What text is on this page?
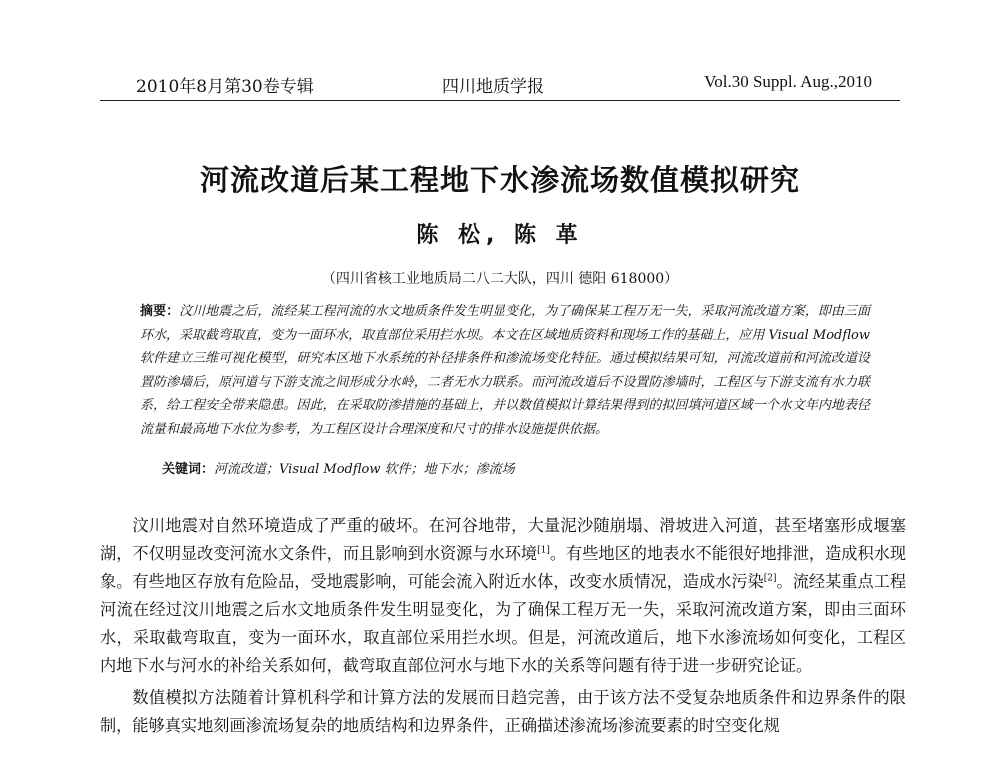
2010年8月第30卷专辑	四川地质学报	Vol.30 Suppl. Aug.,2010
河流改道后某工程地下水渗流场数值模拟研究
陈 松, 陈 革
（四川省核工业地质局二八二大队，四川 德阳 618000）
摘要：汶川地震之后，流经某工程河流的水文地质条件发生明显变化，为了确保某工程万无一失，采取河流改道方案，即由三面环水，采取截弯取直，变为一面环水，取直部位采用拦水坝。本文在区域地质资料和现场工作的基础上，应用 Visual Modflow 软件建立三维可视化模型，研究本区地下水系统的补径排条件和渗流场变化特征。通过模拟结果可知，河流改道前和河流改道设置防渗墙后，原河道与下游支流之间形成分水岭，二者无水力联系。而河流改道后不设置防渗墙时，工程区与下游支流有水力联系，给工程安全带来隐患。因此，在采取防渗措施的基础上，并以数值模拟计算结果得到的拟回填河道区域一个水文年内地表径流量和最高地下水位为参考，为工程区设计合理深度和尺寸的排水设施提供依据。
关键词：河流改道；Visual Modflow 软件；地下水；渗流场

汶川地震对自然环境造成了严重的破坏。在河谷地带，大量泥沙随崩塌、滑坡进入河道，甚至堵塞形成堰塞湖，不仅明显改变河流水文条件，而且影响到水资源与水环境[1]。有些地区的地表水不能很好地排泄，造成积水现象。有些地区存放有危险品，受地震影响，可能会流入附近水体，改变水质情况，造成水污染[2]。流经某重点工程河流在经过汶川地震之后水文地质条件发生明显变化，为了确保工程万无一失，采取河流改道方案，即由三面环水，采取截弯取直，变为一面环水，取直部位采用拦水坝。但是，河流改道后，地下水渗流场如何变化，工程区内地下水与河水的补给关系如何，截弯取直部位河水与地下水的关系等问题有待于进一步研究论证。

数值模拟方法随着计算机科学和计算方法的发展而日趋完善，由于该方法不受复杂地质条件和边界条件的限制，能够真实地刻画渗流场复杂的地质结构和边界条件，正确描述渗流场渗流要素的时空变化规
